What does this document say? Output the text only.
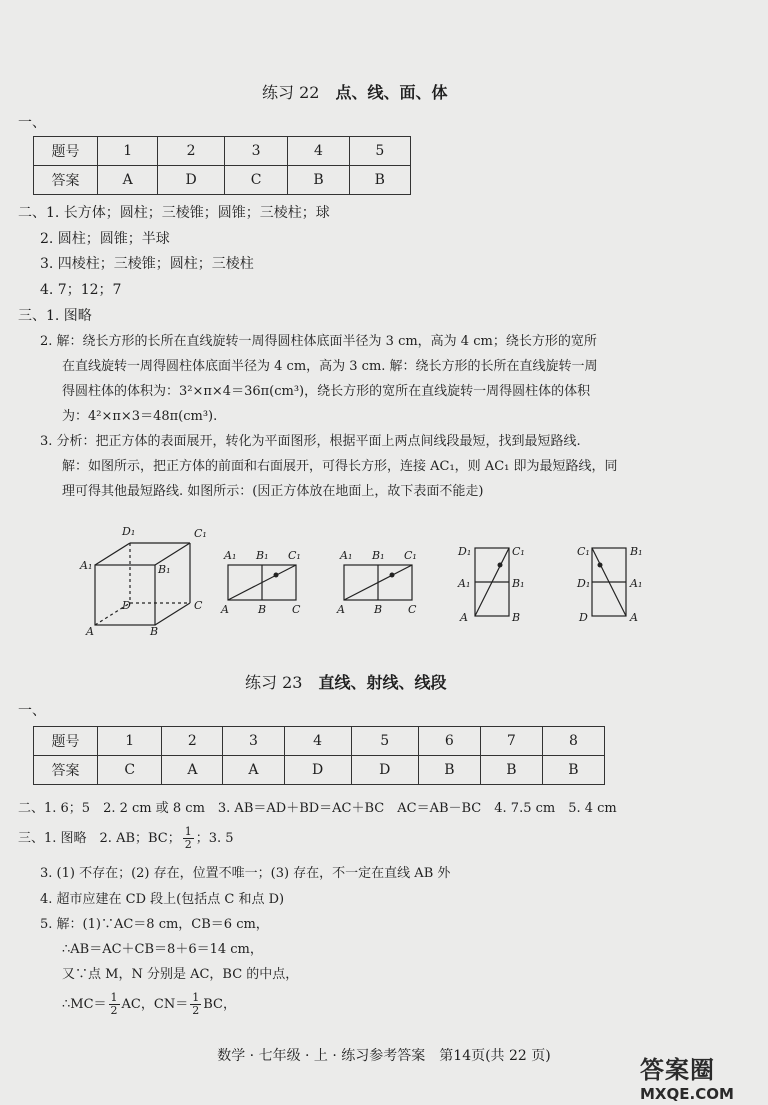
练习 22 点、线、面、体
一、
题号	1	2	3	4	5
答案	A	D	C	B	B
二、1. 长方体；圆柱；三棱锥；圆锥；三棱柱；球
2. 圆柱；圆锥；半球
3. 四棱柱；三棱锥；圆柱；三棱柱
4. 7；12；7
三、1. 图略
2. 解：绕长方形的长所在直线旋转一周得圆柱体底面半径为 3 cm，高为 4 cm；绕长方形的宽所
在直线旋转一周得圆柱体底面半径为 4 cm，高为 3 cm. 解：绕长方形的长所在直线旋转一周
得圆柱体的体积为：3²×π×4＝36π(cm³)，绕长方形的宽所在直线旋转一周得圆柱体的体积
为：4²×π×3＝48π(cm³).
3. 分析：把正方体的表面展开，转化为平面图形，根据平面上两点间线段最短，找到最短路线.
解：如图所示，把正方体的前面和右面展开，可得长方形，连接 AC₁，则 AC₁ 即为最短路线，同
理可得其他最短路线. 如图所示：(因正方体放在地面上，故下表面不能走)
D₁	C₁
A₁	B₁
D	C
A	B
A₁ B₁ C₁
A	B C
A₁ B₁ C₁
A	B C
D₁	C₁
A₁	B₁
A	B
C₁	B₁
D₁	A₁
D	A
练习 23 直线、射线、线段
一、
题号	1	2	3	4	5	6	7	8
答案	C	A	A	D	D	B	B	B
二、1. 6；5　2. 2 cm 或 8 cm　3. AB＝AD＋BD＝AC＋BC　AC＝AB－BC　4. 7.5 cm　5. 4 cm
三、1. 图略　2. AB；BC； $\frac{1}{2}$ ；3. 5
3. (1) 不存在；(2) 存在，位置不唯一；(3) 存在，不一定在直线 AB 外
4. 超市应建在 CD 段上(包括点 C 和点 D)
5. 解：(1)∵AC＝8 cm，CB＝6 cm，
∴AB＝AC＋CB＝8＋6＝14 cm，
又∵点 M，N 分别是 AC，BC 的中点，
∴MC＝ $\frac{1}{2}$ AC，$CN= \frac{1}{2}$ BC，
数学 · 七年级 · 上 · 练习参考答案　第14页(共 22 页)	答案圈
MXQE.COM
